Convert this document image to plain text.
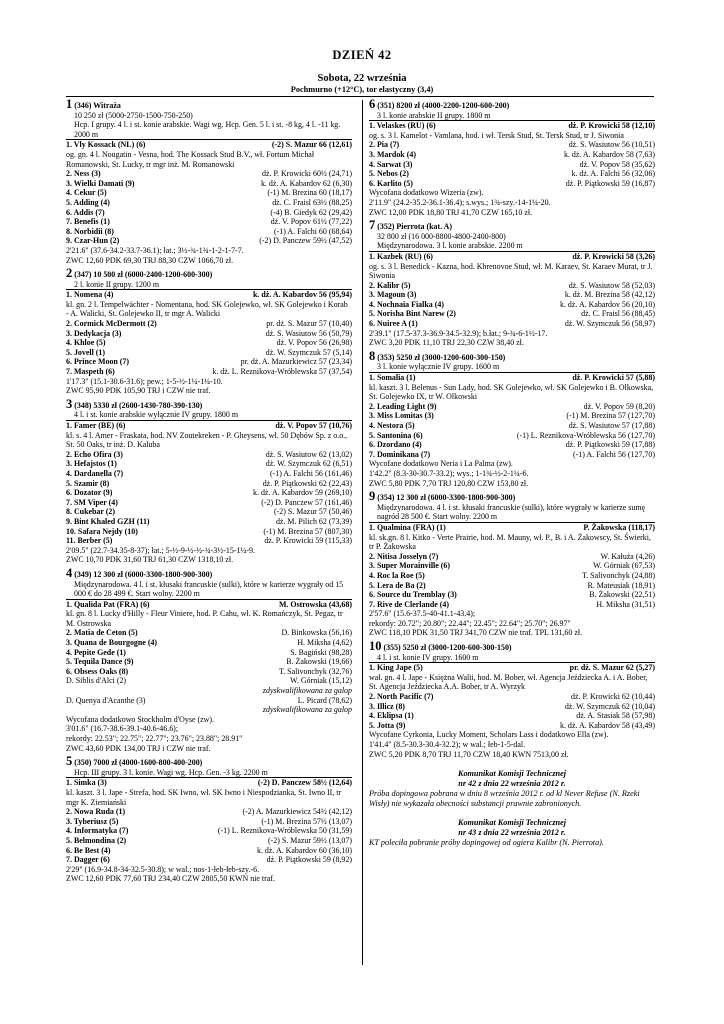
DZIEŃ 42
Sobota, 22 września
Pochmurno (+12°C), tor elastyczny (3,4)
1 (346) Witraża
10 250 zł (5000-2750-1500-750-250)
Hcp. I grupy. 4 l. i st. konie arabskie. Wagi wg. Hcp. Gen. 5 l. i st. -8 kg, 4 l. -11 kg. 2000 m
1. Vly Kossack (NL) (6)	(-2) S. Mazur 66 (12,61)
og. gn. 4 l. Nougatin - Vesna, hod. The Kossack Stud B.V., wł. Fortum Michał Romanowski, St. Lucky, tr mgr inż. M. Romanowski
2. Ness (3)	dż. P. Krowicki 60½ (24,71)
3. Wielki Damati (9)	k. dż. A. Kabardov 62 (6,30)
4. Cekur (5)	(-1) M. Brezina 60 (18,17)
5. Adding (4)	dż. C. Fraisl 63½ (88,25)
6. Addis (7)	(-4) B. Giedyk 62 (29,42)
7. Benefis (1)	dż. V. Popov 61½ (77,22)
8. Norbidii (8)	(-1) A. Falchi 60 (68,64)
9. Czar-Hun (2)	(-2) D. Panczew 59½ (47,52)
2'21.6" (37.6-34.2-33.7-36.1); łat.; 3½-¾-1¾-1-2-1-7-7.
ZWC 12,60 PDK 69,30 TRJ 88,30 CZW 1066,70 zł.
2 (347) 10 500 zł (6000-2400-1200-600-300)
2 l. konie II grupy. 1200 m
1. Nomena (4)	k. dż. A. Kabardov 56 (95,94)
kl. gn. 2 l. Tempelwächter - Nomentana, hod. SK Golejewko, wł. SK Golejewko i Korab - A. Walicki, St. Golejewko II, tr mgr A. Walicki
2. Cormick McDermott (2)	pr. dż. S. Mazur 57 (10,40)
3. Dedykacja (3)	dż. S. Wasiutow 56 (50,79)
4. Khloe (5)	dż. V. Popov 56 (26,98)
5. Jovell (1)	dż. W. Szymczuk 57 (5,14)
6. Prince Moon (7)	pr. dż. A. Mazurkiewicz 57 (23,34)
7. Maspeth (6)	k. dż. L. Reznikova-Wróblewska 57 (37,54)
1'17.3" (15.1-30.6-31.6); pew.; 1-5-½-1¼-1¼-10.
ZWC 95,90 PDK 105,90 TRJ i CZW nie traf.
3 (348) 5330 zł (2600-1430-780-390-130)
4 l. i st. konie arabskie wyłącznie IV grupy. 1800 m
1. Famer (BE) (6)	dż. V. Popov 57 (10,76)
kl. s. 4 l. Amer - Fraskata, hod. NV Zoutekreken - P. Gheysens, wł. 50 Dębów Sp. z o.o., St. 50 Oaks, tr inż. D. Kaluba
2. Echo Ofira (3)	dż. S. Wasiutow 62 (13,02)
3. Hefajstos (1)	dż. W. Szymczuk 62 (6,51)
4. Dardanella (7)	(-1) A. Falchi 56 (161,46)
5. Szamir (8)	dż. P. Piątkowski 62 (22,43)
6. Dozator (9)	k. dż. A. Kabardov 59 (269,10)
7. SM Viper (4)	(-2) D. Panczew 57 (161,46)
8. Cukebar (2)	(-2) S. Mazur 57 (50,46)
9. Bint Khaled GZH (11)	dż. M. Pilich 62 (73,39)
10. Safara Nejdy (10)	(-1) M. Brezina 57 (807,30)
11. Berber (5)	dż. P. Krowicki 59 (115,33)
2'09.5" (22.7-34.35-8-37); łat.; 5-½-9-½-½-¾-3½-15-1¼-9.
ZWC 10,70 PDK 31,60 TRJ 61,30 CZW 1318,10 zł.
4 (349) 12 300 zł (6000-3300-1800-900-300)
Międzynarodowa. 4 l. i st. kłusaki francuskie (sulki), które w karierze wygrały od 15 000 € do 28 499 €. Start wolny. 2200 m
1. Qualida Pat (FRA) (6)	M. Ostrowska (43,68)
kl. gn. 8 l. Lucky d'Hilly - Fleur Viniere, hod. P. Cahu, wł. K. Romańczyk, St. Pegaz, tr M. Ostrowska
2. Matia de Ceton (5)	D. Binkowska (56,16)
3. Quana de Bourgogne (4)	H. Miksha (4,62)
4. Pepite Gede (1)	S. Bagiński (98,28)
5. Tequila Dance (9)	B. Żakowski (19,66)
6. Obsess Oaks (8)	T. Salivonchyk (32,76)
D. Siblis d'Alci (2)	W. Górniak (15,12)
zdyskwalifikowana za galop
D. Quenya d'Acanthe (3)	L. Picard (78,62)
zdyskwalifikowana za galop
Wycofana dodatkowo Stockholm d'Oyse (zw).
3'01.6" (16.7-38.6-39.1-40.6-46.6);
rekordy: 22.53"; 22.75"; 22.77"; 23.76"; 23.88"; 28.91"
ZWC 43,60 PDK 134,00 TRJ i CZW nie traf.
5 (350) 7000 zł (4000-1600-800-400-200)
Hcp. III grupy. 3 l. konie. Wagi wg. Hcp. Gen. -3 kg. 2200 m
1. Simka (3)	(-2) D. Panczew 58½ (12,64)
kl. kaszt. 3 l. Jape - Strefa, hod. SK Iwno, wł. SK Iwno i Niespodzianka, St. Iwno II, tr mgr K. Ziemiański
2. Nowa Ruda (1)	(-2) A. Mazurkiewicz 54½ (42,12)
3. Tyberiusz (5)	(-1) M. Brezina 57½ (13,07)
4. Informatyka (7)	(-1) L. Reznikova-Wróblewska 50 (31,59)
5. Belmondina (2)	(-2) S. Mazur 59½ (13,07)
6. Be Best (4)	k. dż. A. Kabardov 60 (36,10)
7. Dagger (6)	dż. P. Piątkowski 59 (8,92)
2'29" (16.9-34.8-34-32.5-30.8); w wal.; nos-1-łeb-łeb-szy.-6.
ZWC 12,60 PDK 77,60 TRJ 234,40 CZW 2805,50 KWN nie traf.
6 (351) 8200 zł (4000-2200-1200-600-200)
3 l. konie arabskie II grupy. 1800 m
1. Velaskes (RU) (6)	dż. P. Krowicki 58 (12,10)
og. s. 3 l. Kamelot - Vamlana, hod. i wł. Tersk Stud, St. Tersk Stud, tr J. Siwonia
2. Pia (7)	dż. S. Wasiutow 56 (10,51)
3. Mardok (4)	k. dż. A. Kabardov 58 (7,63)
4. Sarwat (3)	dż. V. Popov 58 (35,62)
5. Nebos (2)	k. dż. A. Falchi 56 (32,06)
6. Karlito (5)	dż. P. Piątkowski 59 (16,87)
Wycofana dodatkowo Wizeria (zw).
2'11.9" (24.2-35.2-36.1-36.4); s.wys.; 1¾-szy.-14-1¼-20.
ZWC 12,00 PDK 18,80 TRJ 41,70 CZW 165,10 zł.
7 (352) Pierrota (kat. A)
32 800 zł (16 000-8800-4800-2400-800)
Międzynarodowa. 3 l. konie arabskie. 2200 m
1. Kazbek (RU) (6)	dż. P. Krowicki 58 (3,26)
og. s. 3 l. Benedick - Kazna, hod. Khrenovoe Stud, wł. M. Karaev, St. Karaev Murat, tr J. Siwonia
2. Kalibr (5)	dż. S. Wasiutow 58 (52,03)
3. Magoun (3)	k. dż. M. Brezina 58 (42,12)
4. Nochnaia Fialka (4)	k. dż. A. Kabardov 56 (20,10)
5. Norisha Bint Narew (2)	dż. C. Fraisl 56 (88,45)
6. Nuiree A (1)	dż. W. Szymczuk 56 (58,97)
2'39.1" (17.5-37.3-36.9-34.5-32.9); b.łat.; 9-¾-6-1½-17.
ZWC 3,20 PDK 11,10 TRJ 22,30 CZW 38,40 zł.
8 (353) 5250 zł (3000-1200-600-300-150)
3 l. konie wyłącznie IV grupy. 1600 m
1. Somalia (1)	dż. P. Krowicki 57 (5,88)
kl. kaszt. 3 l. Belenus - Sun Lady, hod. SK Golejewko, wł. SK Golejewko i B. Olkowska, St. Golejewko IX, tr W. Olkowski
2. Leading Light (9)	dż. V. Popov 59 (8,20)
3. Miss Lomitas (3)	(-1) M. Brezina 57 (127,70)
4. Nestora (5)	dż. S. Wasiutow 57 (17,88)
5. Santonina (6)	(-1) L. Reznikova-Wróblewska 56 (127,70)
6. Dzordano (4)	dż. P. Piątkowski 59 (17,88)
7. Dominikana (7)	(-1) A. Falchi 56 (127,70)
Wycofane dodatkowo Neria i La Palma (zw).
1'42.2" (8.3-30-30.7-33.2); wys.; 1-1¾-½-2-1¼-6.
ZWC 5,80 PDK 7,70 TRJ 120,80 CZW 153,80 zł.
9 (354) 12 300 zł (6000-3300-1800-900-300)
Międzynarodowa. 4 l. i st. kłusaki francuskie (sulki), które wygrały w karierze sumę nagród 28 500 €. Start wolny. 2200 m
1. Qualmina (FRA) (1)	P. Żakowska (118,17)
kl. sk.gn. 8 l. Kitko - Verte Prairie, hod. M. Mauny, wł. P., B. i A. Żakowscy, St. Świerki, tr P. Żakowska
2. Nitisa Josselyn (7)	W. Kałuża (4,26)
3. Super Morainville (6)	W. Górniak (67,53)
4. Roc la Roe (5)	T. Salivonchyk (24,88)
5. Lera de Ba (2)	R. Mateusiak (18,91)
6. Source du Tremblay (3)	B. Żakowski (22,51)
7. Rive de Clerlande (4)	H. Miksha (31,51)
2'57.6" (15.6-37.5-40-41.1-43.4);
rekordy: 20.72"; 20.80"; 22.44"; 22.45"; 22.64"; 25.70"; 26.97"
ZWC 118,10 PDK 31,50 TRJ 341,70 CZW nie traf. TPL 131,60 zł.
10 (355) 5250 zł (3000-1200-600-300-150)
4 l. i st. konie IV grupy. 1600 m
1. King Jape (5)	pr. dż. S. Mazur 62 (5,27)
wał. gn. 4 l. Jape - Księżna Walii, hod. M. Bober, wł. Agencja Jeździecka A. i A. Bober, St. Agencja Jeździecka A.A. Bober, tr A. Wyrzyk
2. North Pacific (7)	dż. P. Krowicki 62 (10,44)
3. Illicz (8)	dż. W. Szymczuk 62 (10,04)
4. Eklipsa (1)	dż. A. Stasiak 58 (57,98)
5. Jotta (9)	k. dż. A. Kabardov 58 (43,49)
Wycofane Cyrkonia, Lucky Moment, Scholars Lass i dodatkowo Ella (zw).
1'41.4" (8.5-30.3-30.4-32.2); w wal.; łeb-1-5-dal.
ZWC 5,20 PDK 8,70 TRJ 11,70 CZW 18,40 KWN 7513,00 zł.
Komunikat Komisji Technicznej
nr 42 z dnia 22 września 2012 r.
Próba dopingowa pobrana w dniu 8 września 2012 r. od kl Never Refuse (N. Rzeki Wisły) nie wykazała obecności substancji prawnie zabronionych.
Komunikat Komisji Technicznej
nr 43 z dnia 22 września 2012 r.
KT poleciła pobranie próby dopingowej od ogiera Kalibr (N. Pierrota).
